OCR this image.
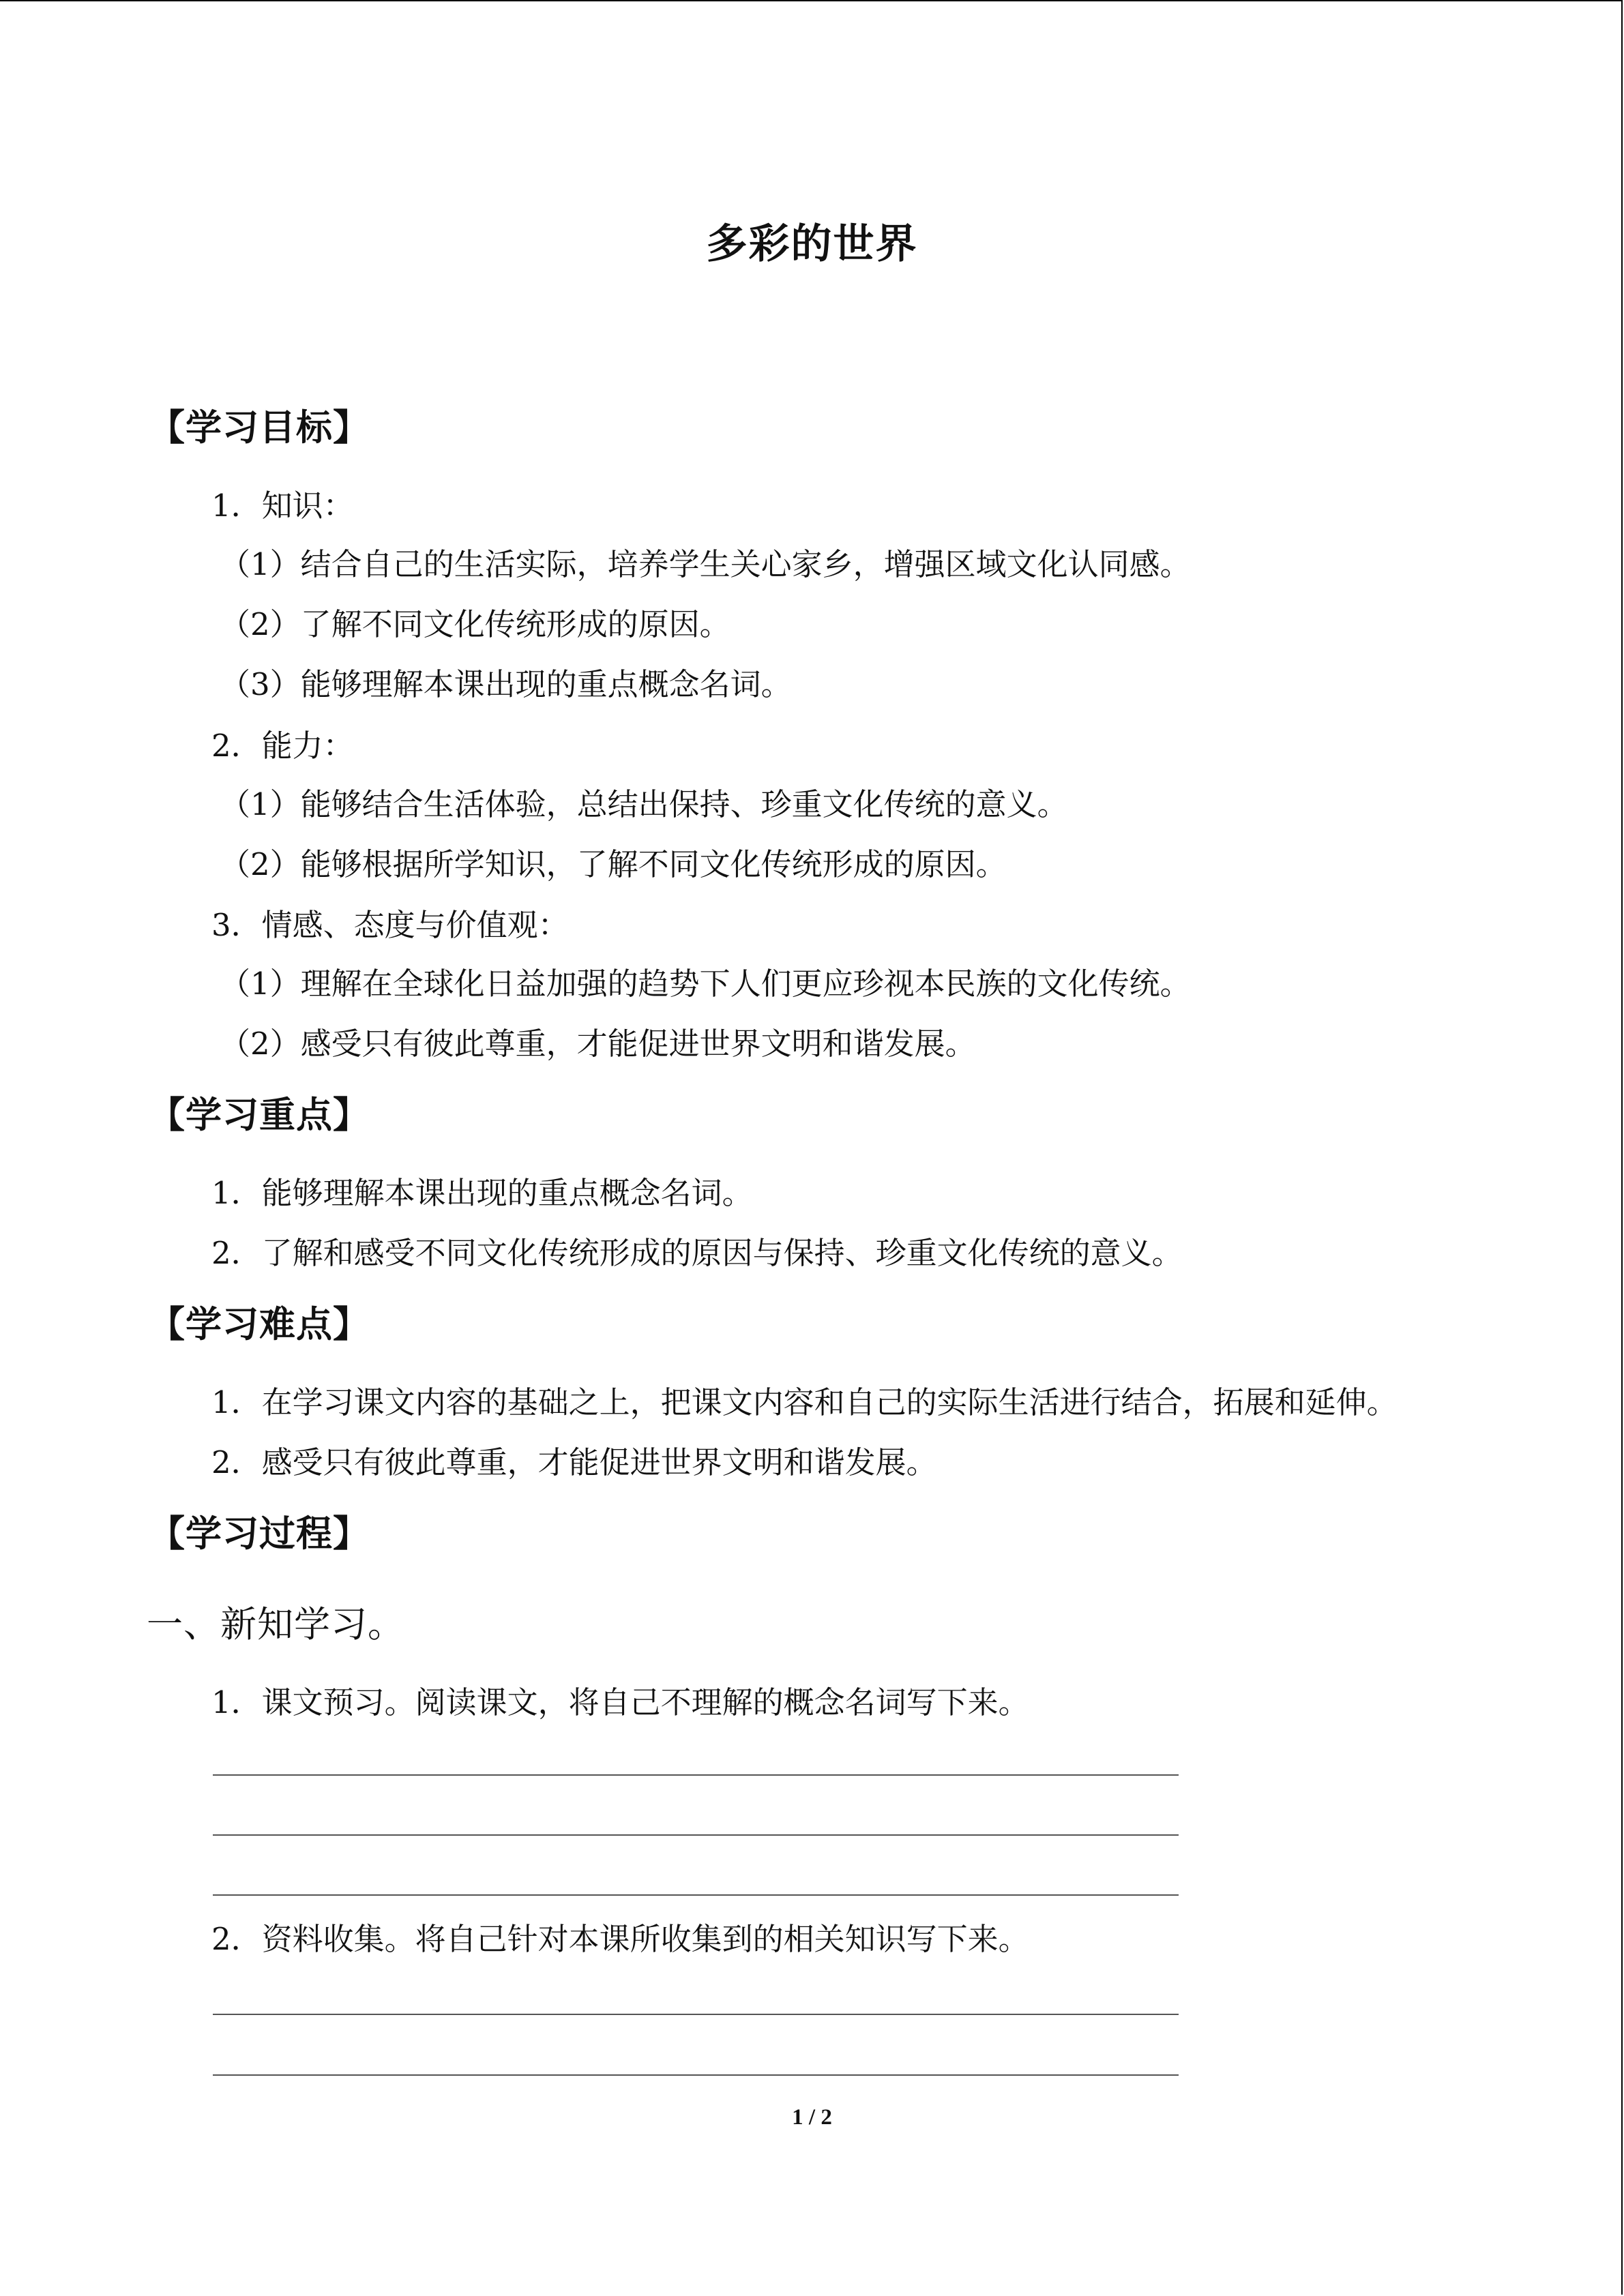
多彩的世界
【学习目标】
1．知识：
（1）结合自己的生活实际，培养学生关心家乡，增强区域文化认同感。
（2）了解不同文化传统形成的原因。
（3）能够理解本课出现的重点概念名词。
2．能力：
（1）能够结合生活体验，总结出保持、珍重文化传统的意义。
（2）能够根据所学知识，了解不同文化传统形成的原因。
3．情感、态度与价值观：
（1）理解在全球化日益加强的趋势下人们更应珍视本民族的文化传统。
（2）感受只有彼此尊重，才能促进世界文明和谐发展。
【学习重点】
1．能够理解本课出现的重点概念名词。
2．了解和感受不同文化传统形成的原因与保持、珍重文化传统的意义。
【学习难点】
1．在学习课文内容的基础之上，把课文内容和自己的实际生活进行结合，拓展和延伸。
2．感受只有彼此尊重，才能促进世界文明和谐发展。
【学习过程】
一、新知学习。
1．课文预习。阅读课文，将自己不理解的概念名词写下来。
2．资料收集。将自己针对本课所收集到的相关知识写下来。
1 / 2
